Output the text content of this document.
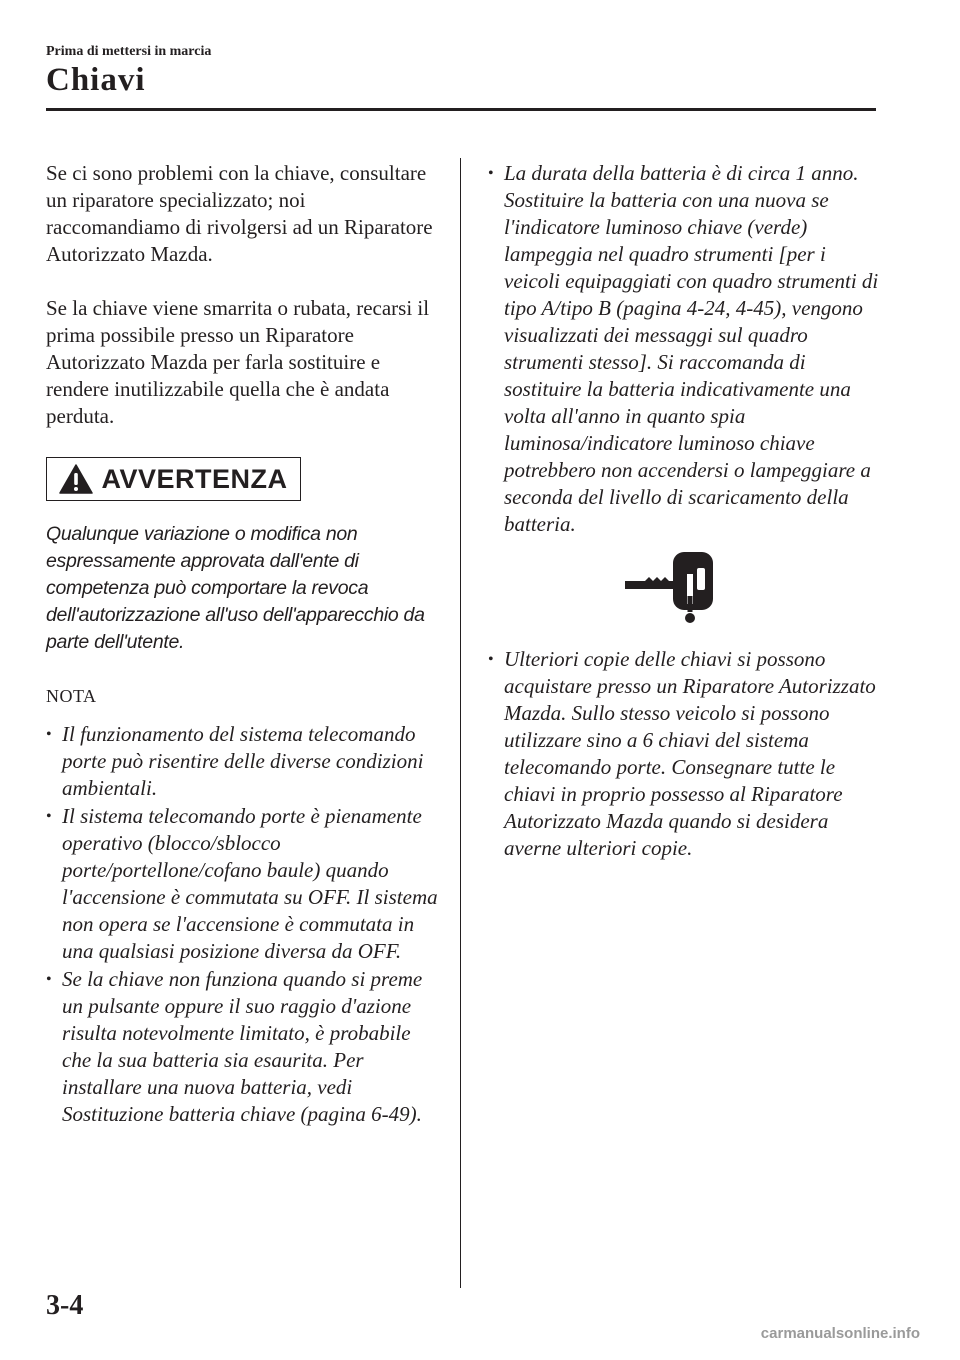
Prima di mettersi in marcia
Chiavi

Se ci sono problemi con la chiave, consultare un riparatore specializzato; noi raccomandiamo di rivolgersi ad un Riparatore Autorizzato Mazda.

Se la chiave viene smarrita o rubata, recarsi il prima possibile presso un Riparatore Autorizzato Mazda per farla sostituire e rendere inutilizzabile quella che è andata perduta.

AVVERTENZA

Qualunque variazione o modifica non espressamente approvata dall'ente di competenza può comportare la revoca dell'autorizzazione all'uso dell'apparecchio da parte dell'utente.

NOTA
• Il funzionamento del sistema telecomando porte può risentire delle diverse condizioni ambientali.
• Il sistema telecomando porte è pienamente operativo (blocco/sblocco porte/portellone/cofano baule) quando l'accensione è commutata su OFF. Il sistema non opera se l'accensione è commutata in una qualsiasi posizione diversa da OFF.
• Se la chiave non funziona quando si preme un pulsante oppure il suo raggio d'azione risulta notevolmente limitato, è probabile che la sua batteria sia esaurita. Per installare una nuova batteria, vedi Sostituzione batteria chiave (pagina 6-49).
• La durata della batteria è di circa 1 anno. Sostituire la batteria con una nuova se l'indicatore luminoso chiave (verde) lampeggia nel quadro strumenti [per i veicoli equipaggiati con quadro strumenti di tipo A/tipo B (pagina 4-24, 4-45), vengono visualizzati dei messaggi sul quadro strumenti stesso]. Si raccomanda di sostituire la batteria indicativamente una volta all'anno in quanto spia luminosa/indicatore luminoso chiave potrebbero non accendersi o lampeggiare a seconda del livello di scaricamento della batteria.
• Ulteriori copie delle chiavi si possono acquistare presso un Riparatore Autorizzato Mazda. Sullo stesso veicolo si possono utilizzare sino a 6 chiavi del sistema telecomando porte. Consegnare tutte le chiavi in proprio possesso al Riparatore Autorizzato Mazda quando si desidera averne ulteriori copie.
3-4
carmanualsonline.info
